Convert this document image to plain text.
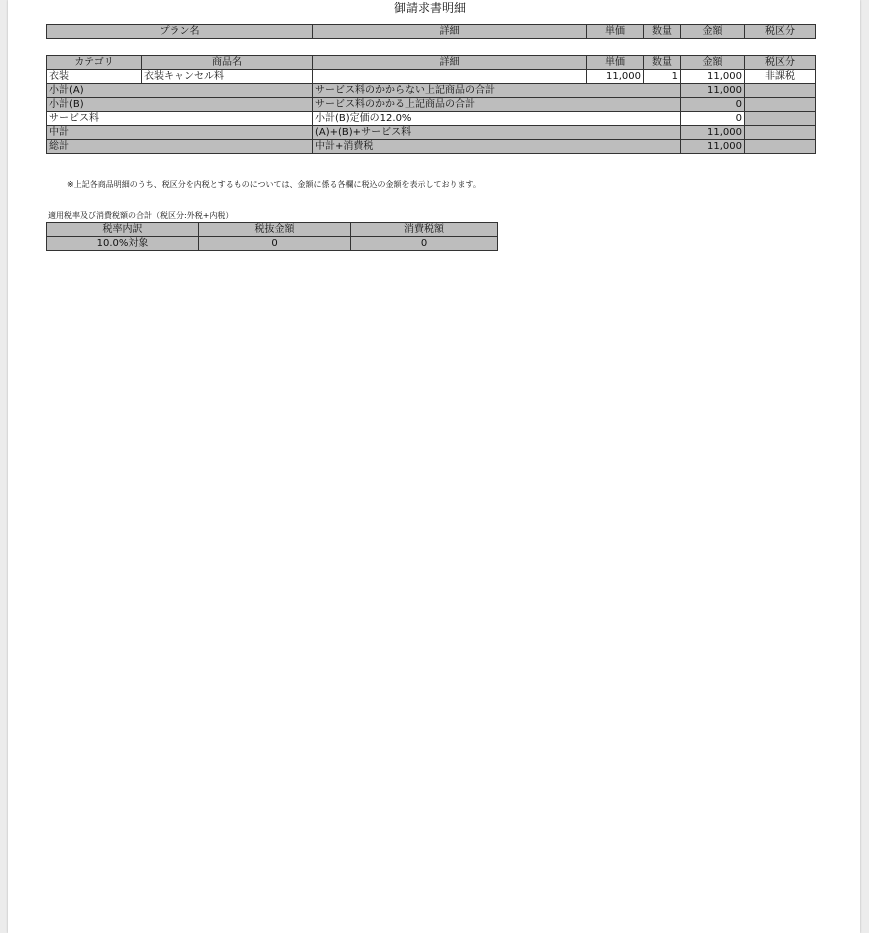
御請求書明細
プラン名	詳細	単価	数量	金額	税区分
カテゴリ	商品名	詳細	単価	数量	金額	税区分
衣装	衣装キャンセル料		11,000	1	11,000	非課税
小計(A)		サービス料のかからない上記商品の合計			11,000	
小計(B)		サービス料のかかる上記商品の合計			0	
サービス料		小計(B)定価の12.0%			0	
中計		(A)+(B)+サービス料			11,000	
総計		中計+消費税			11,000	
※上記各商品明細のうち、税区分を内税とするものについては、金額に係る各欄に税込の金額を表示しております。
適用税率及び消費税額の合計（税区分:外税+内税）
税率内訳	税抜金額	消費税額
10.0%対象	0	0
